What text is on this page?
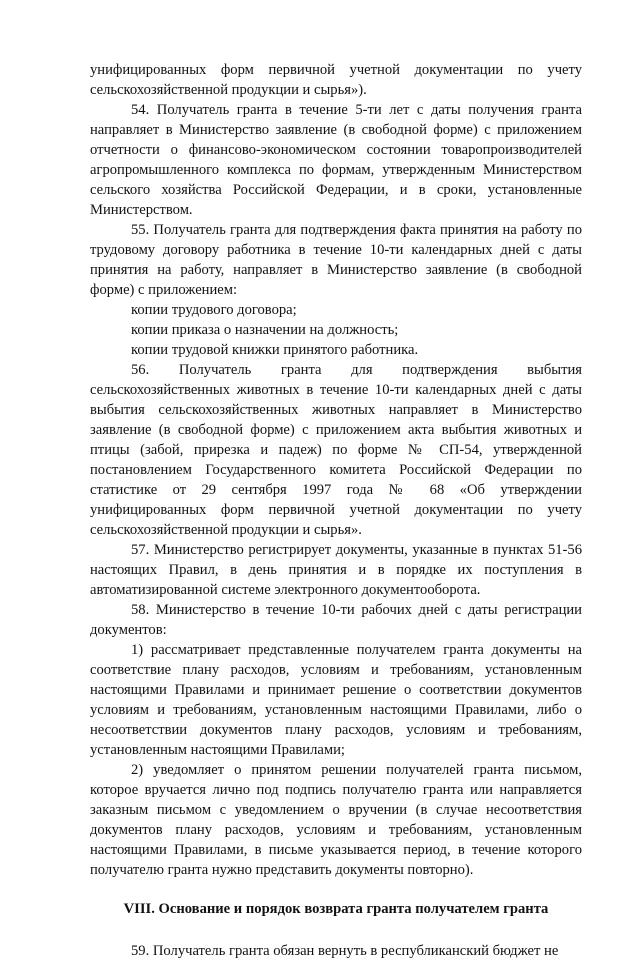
унифицированных форм первичной учетной документации по учету сельскохозяйственной продукции и сырья»).

54. Получатель гранта в течение 5-ти лет с даты получения гранта направляет в Министерство заявление (в свободной форме) с приложением отчетности о финансово-экономическом состоянии товаропроизводителей агропромышленного комплекса по формам, утвержденным Министерством сельского хозяйства Российской Федерации, и в сроки, установленные Министерством.

55. Получатель гранта для подтверждения факта принятия на работу по трудовому договору работника в течение 10-ти календарных дней с даты принятия на работу, направляет в Министерство заявление (в свободной форме) с приложением:

копии трудового договора;

копии приказа о назначении на должность;

копии трудовой книжки принятого работника.

56. Получатель гранта для подтверждения выбытия сельскохозяйственных животных в течение 10-ти календарных дней с даты выбытия сельскохозяйственных животных направляет в Министерство заявление (в свободной форме) с приложением акта выбытия животных и птицы (забой, прирезка и падеж) по форме № СП-54, утвержденной постановлением Государственного комитета Российской Федерации по статистике от 29 сентября 1997 года № 68 «Об утверждении унифицированных форм первичной учетной документации по учету сельскохозяйственной продукции и сырья».

57. Министерство регистрирует документы, указанные в пунктах 51-56 настоящих Правил, в день принятия и в порядке их поступления в автоматизированной системе электронного документооборота.

58. Министерство в течение 10-ти рабочих дней с даты регистрации документов:

1) рассматривает представленные получателем гранта документы на соответствие плану расходов, условиям и требованиям, установленным настоящими Правилами и принимает решение о соответствии документов условиям и требованиям, установленным настоящими Правилами, либо о несоответствии документов плану расходов, условиям и требованиям, установленным настоящими Правилами;

2) уведомляет о принятом решении получателей гранта письмом, которое вручается лично под подпись получателю гранта или направляется заказным письмом с уведомлением о вручении (в случае несоответствия документов плану расходов, условиям и требованиям, установленным настоящими Правилами, в письме указывается период, в течение которого получателю гранта нужно представить документы повторно).

VIII. Основание и порядок возврата гранта получателем гранта

59. Получатель гранта обязан вернуть в республиканский бюджет не
